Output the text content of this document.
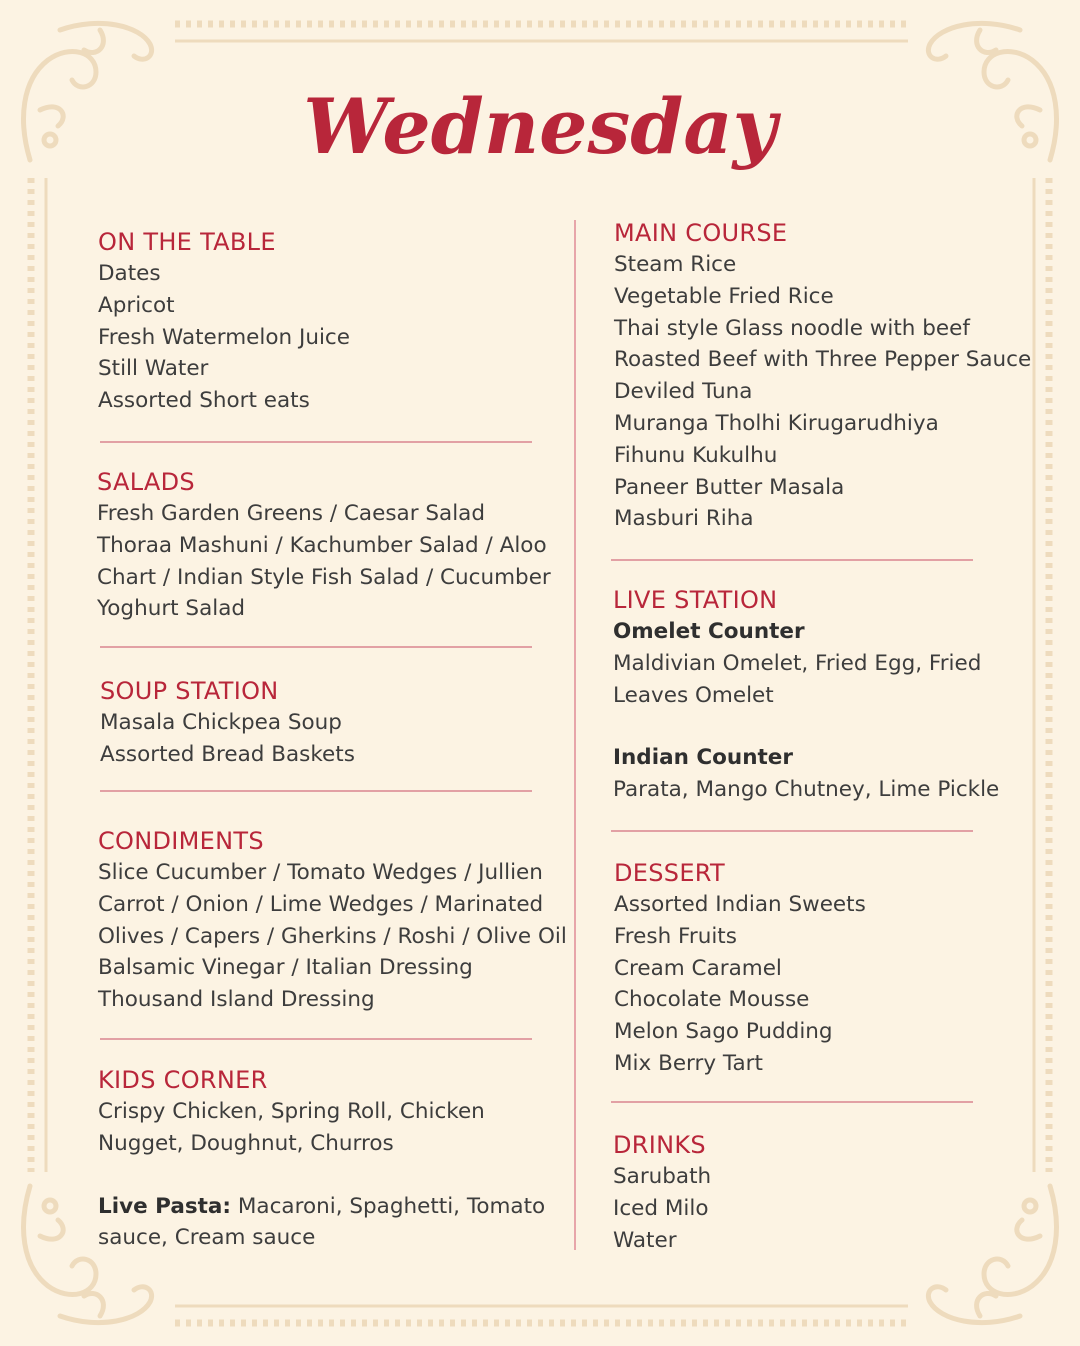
Wednesday
ON THE TABLE
Dates
Apricot
Fresh Watermelon Juice
Still Water
Assorted Short eats
SALADS
Fresh Garden Greens / Caesar Salad
Thoraa Mashuni / Kachumber Salad / Aloo
Chart / Indian Style Fish Salad / Cucumber
Yoghurt Salad
SOUP STATION
Masala Chickpea Soup
Assorted Bread Baskets
CONDIMENTS
Slice Cucumber / Tomato Wedges / Jullien
Carrot / Onion / Lime Wedges / Marinated
Olives / Capers / Gherkins / Roshi / Olive Oil
Balsamic Vinegar / Italian Dressing
Thousand Island Dressing
KIDS CORNER
Crispy Chicken, Spring Roll, Chicken
Nugget, Doughnut, Churros
Live Pasta: Macaroni, Spaghetti, Tomato
sauce, Cream sauce
MAIN COURSE
Steam Rice
Vegetable Fried Rice
Thai style Glass noodle with beef
Roasted Beef with Three Pepper Sauce
Deviled Tuna
Muranga Tholhi Kirugarudhiya
Fihunu Kukulhu
Paneer Butter Masala
Masburi Riha
LIVE STATION
Omelet Counter
Maldivian Omelet, Fried Egg, Fried
Leaves Omelet
Indian Counter
Parata, Mango Chutney, Lime Pickle
DESSERT
Assorted Indian Sweets
Fresh Fruits
Cream Caramel
Chocolate Mousse
Melon Sago Pudding
Mix Berry Tart
DRINKS
Sarubath
Iced Milo
Water
